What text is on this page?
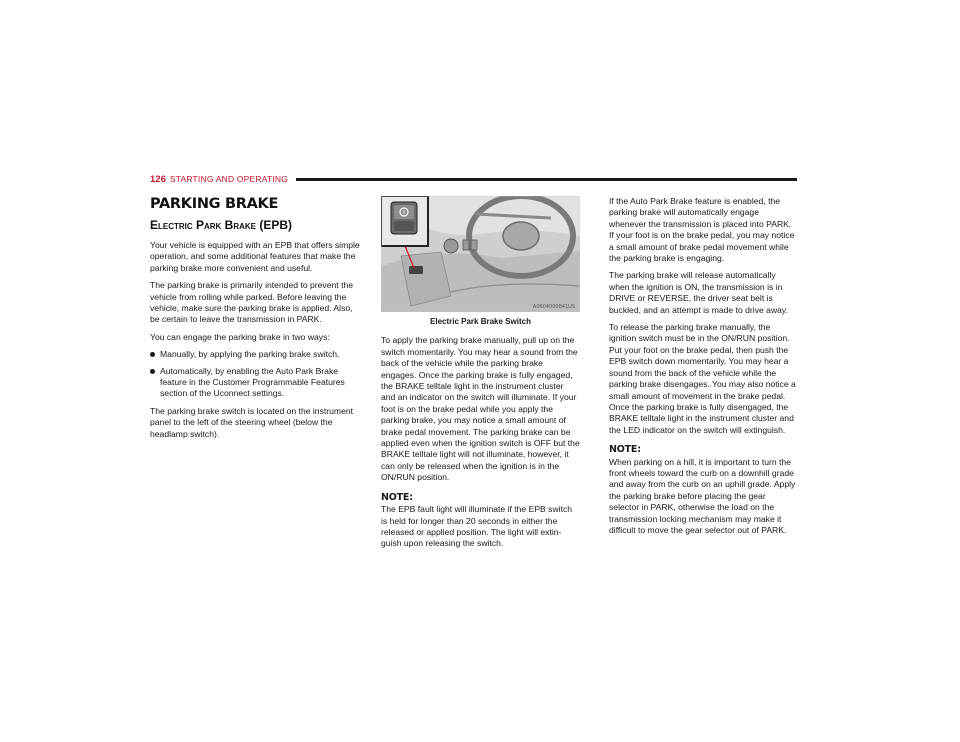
126 STARTING AND OPERATING
PARKING BRAKE
Electric Park Brake (EPB)

Your vehicle is equipped with an EPB that offers simple operation, and some additional features that make the parking brake more convenient and useful.

The parking brake is primarily intended to prevent the vehicle from rolling while parked. Before leaving the vehicle, make sure the parking brake is applied. Also, be certain to leave the transmission in PARK.

You can engage the parking brake in two ways:

Manually, by applying the parking brake switch.
Automatically, by enabling the Auto Park Brake feature in the Customer Programmable Features section of the Uconnect settings.

The parking brake switch is located on the instrument panel to the left of the steering wheel (below the headlamp switch).

P
A0604000841US
Electric Park Brake Switch

To apply the parking brake manually, pull up on the switch momentarily. You may hear a sound from the back of the vehicle while the parking brake engages. Once the parking brake is fully engaged, the BRAKE telltale light in the instrument cluster and an indicator on the switch will illuminate. If your foot is on the brake pedal while you apply the parking brake, you may notice a small amount of brake pedal movement. The parking brake can be applied even when the ignition switch is OFF but the BRAKE telltale light will not illuminate, however, it can only be released when the ignition is in the ON/RUN position.

NOTE:

The EPB fault light will illuminate if the EPB switch is held for longer than 20 seconds in either the released or applied position. The light will extin- guish upon releasing the switch.

If the Auto Park Brake feature is enabled, the parking brake will automatically engage whenever the transmission is placed into PARK. If your foot is on the brake pedal, you may notice a small amount of brake pedal movement while the parking brake is engaging.

The parking brake will release automatically when the ignition is ON, the transmission is in DRIVE or REVERSE, the driver seat belt is buckled, and an attempt is made to drive away.

To release the parking brake manually, the ignition switch must be in the ON/RUN position. Put your foot on the brake pedal, then push the EPB switch down momentarily. You may hear a sound from the back of the vehicle while the parking brake disengages. You may also notice a small amount of movement in the brake pedal. Once the parking brake is fully disengaged, the BRAKE telltale light in the instrument cluster and the LED indicator on the switch will extinguish.

NOTE:

When parking on a hill, it is important to turn the front wheels toward the curb on a downhill grade and away from the curb on an uphill grade. Apply the parking brake before placing the gear selector in PARK, otherwise the load on the transmission locking mechanism may make it difficult to move the gear selector out of PARK.
